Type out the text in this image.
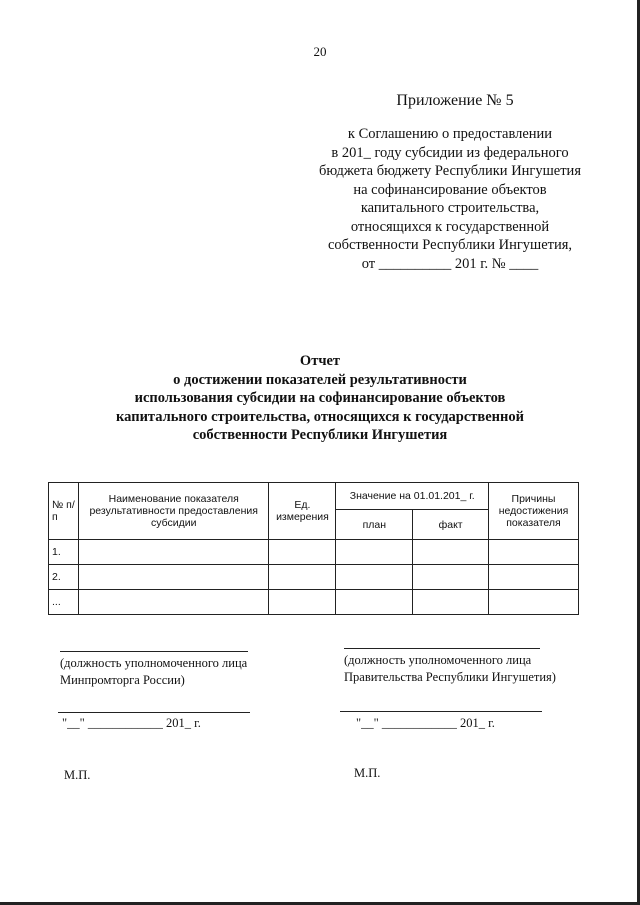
20
Приложение № 5
к Соглашению о предоставлении
в 201_ году субсидии из федерального
бюджета бюджету Республики Ингушетия
на софинансирование объектов
капитального строительства,
относящихся к государственной
собственности Республики Ингушетия,
от __________ 201 г. № ____
Отчет
о достижении показателей результативности
использования субсидии на софинансирование объектов
капитального строительства, относящихся к государственной
собственности Республики Ингушетия
№ п/п	Наименование показателя результативности предоставления субсидии	Ед. измерения	Значение на 01.01.201_ г.		Причины недостижения показателя
			план	факт	
1.					
2.					
...					
(должность уполномоченного лица Минпромторга России)
"__" ____________ 201_ г.
М.П.
(должность уполномоченного лица Правительства Республики Ингушетия)
"__" ____________ 201_ г.
М.П.
